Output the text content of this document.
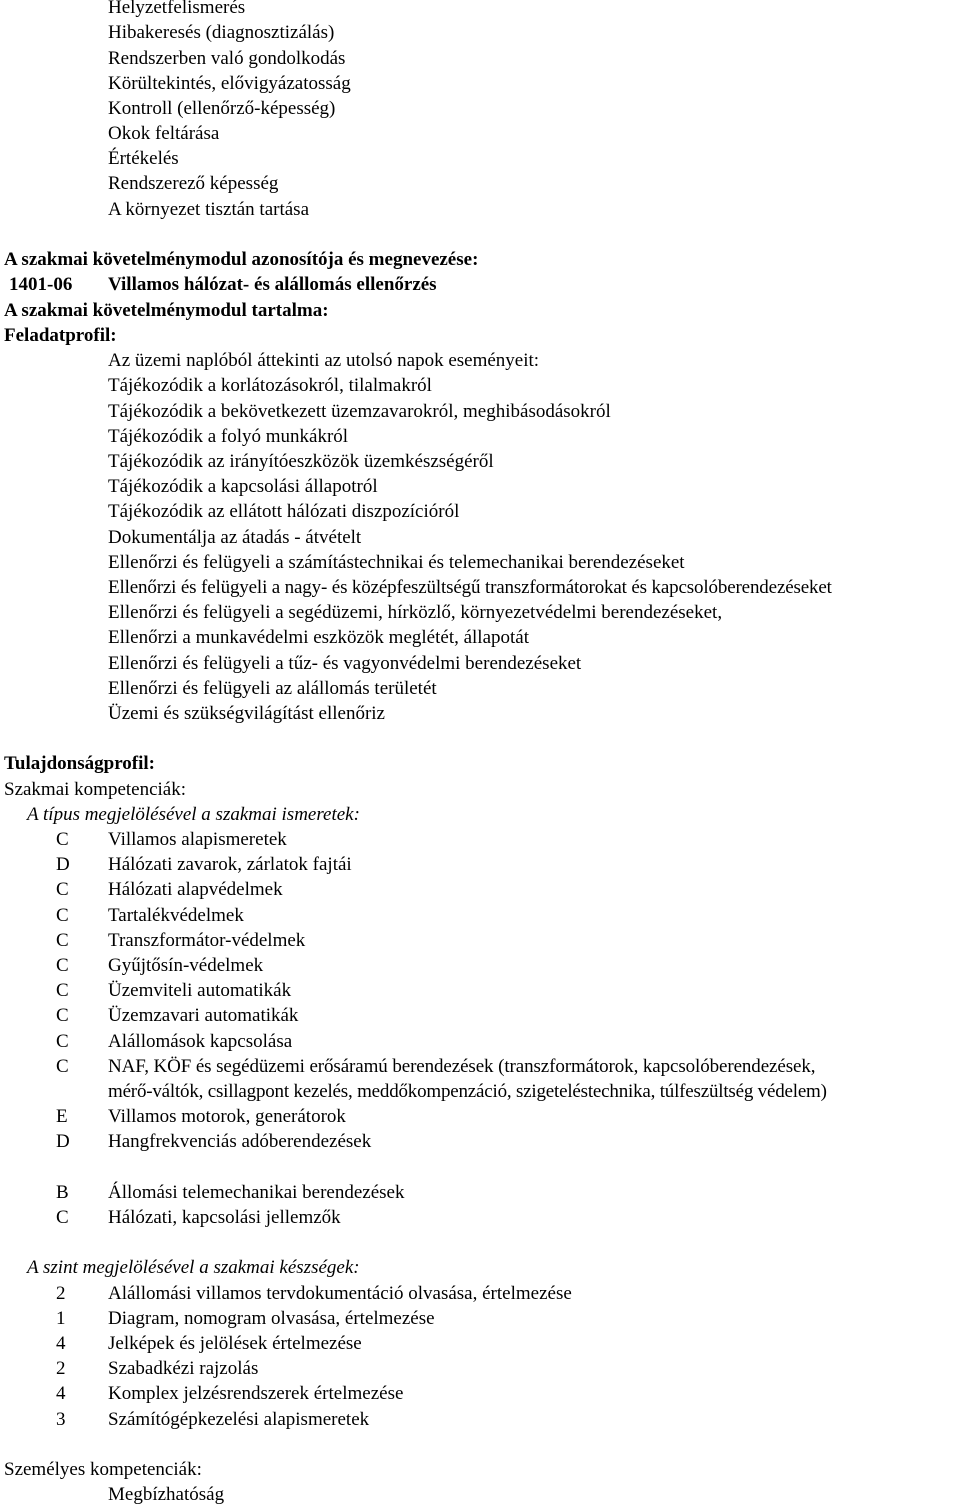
Helyzetfelismerés
Hibakeresés (diagnosztizálás)
Rendszerben való gondolkodás
Körültekintés, elővigyázatosság
Kontroll (ellenőrző-képesség)
Okok feltárása
Értékelés
Rendszerező képesség
A környezet tisztán tartása
A szakmai követelménymodul azonosítója és megnevezése:
1401-06 Villamos hálózat- és alállomás ellenőrzés
A szakmai követelménymodul tartalma:
Feladatprofil:
Az üzemi naplóból áttekinti az utolsó napok eseményeit:
Tájékozódik a korlátozásokról, tilalmakról
Tájékozódik a bekövetkezett üzemzavarokról, meghibásodásokról
Tájékozódik a folyó munkákról
Tájékozódik az irányítóeszközök üzemkészségéről
Tájékozódik a kapcsolási állapotról
Tájékozódik az ellátott hálózati diszpozícióról
Dokumentálja az átadás - átvételt
Ellenőrzi és felügyeli a számítástechnikai és telemechanikai berendezéseket
Ellenőrzi és felügyeli a nagy- és középfeszültségű transzformátorokat és kapcsolóberendezéseket
Ellenőrzi és felügyeli a segédüzemi, hírközlő, környezetvédelmi berendezéseket,
Ellenőrzi a munkavédelmi eszközök meglétét, állapotát
Ellenőrzi és felügyeli a tűz- és vagyonvédelmi berendezéseket
Ellenőrzi és felügyeli az alállomás területét
Üzemi és szükségvilágítást ellenőriz
Tulajdonságprofil:
Szakmai kompetenciák:
A típus megjelölésével a szakmai ismeretek:
C	Villamos alapismeretek
D	Hálózati zavarok, zárlatok fajtái
C	Hálózati alapvédelmek
C	Tartalékvédelmek
C	Transzformátor-védelmek
C	Gyűjtősín-védelmek
C	Üzemviteli automatikák
C	Üzemzavari automatikák
C	Alállomások kapcsolása
C	NAF, KÖF és segédüzemi erősáramú berendezések (transzformátorok, kapcsolóberendezések,
mérő-váltók, csillagpont kezelés, meddőkompenzáció, szigeteléstechnika, túlfeszültség védelem)
E	Villamos motorok, generátorok
D	Hangfrekvenciás adóberendezések
B	Állomási telemechanikai berendezések
C	Hálózati, kapcsolási jellemzők
A szint megjelölésével a szakmai készségek:
2	Alállomási villamos tervdokumentáció olvasása, értelmezése
1	Diagram, nomogram olvasása, értelmezése
4	Jelképek és jelölések értelmezése
2	Szabadkézi rajzolás
4	Komplex jelzésrendszerek értelmezése
3	Számítógépkezelési alapismeretek
Személyes kompetenciák:
Megbízhatóság
